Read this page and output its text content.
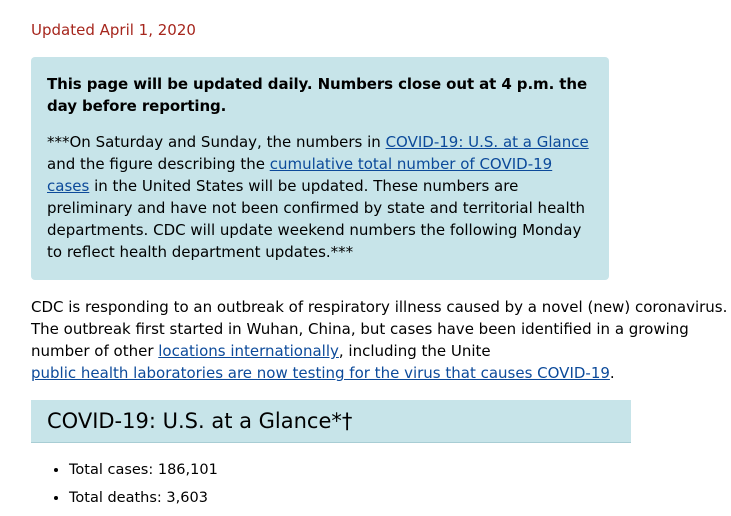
Updated April 1, 2020

This page will be updated daily. Numbers close out at 4 p.m. the day before reporting.

***On Saturday and Sunday, the numbers in COVID-19: U.S. at a Glance and the figure describing the cumulative total number of COVID-19 cases in the United States will be updated. These numbers are preliminary and have not been confirmed by state and territorial health departments. CDC will update weekend numbers the following Monday to reflect health department updates.***

CDC is responding to an outbreak of respiratory illness caused by a novel (new) coronavirus. The outbreak first started in Wuhan, China, but cases have been identified in a growing number of other locations internationally, including the Unite
public health laboratories are now testing for the virus that causes COVID-19.

COVID-19: U.S. at a Glance*†
• Total cases: 186,101
• Total deaths: 3,603
